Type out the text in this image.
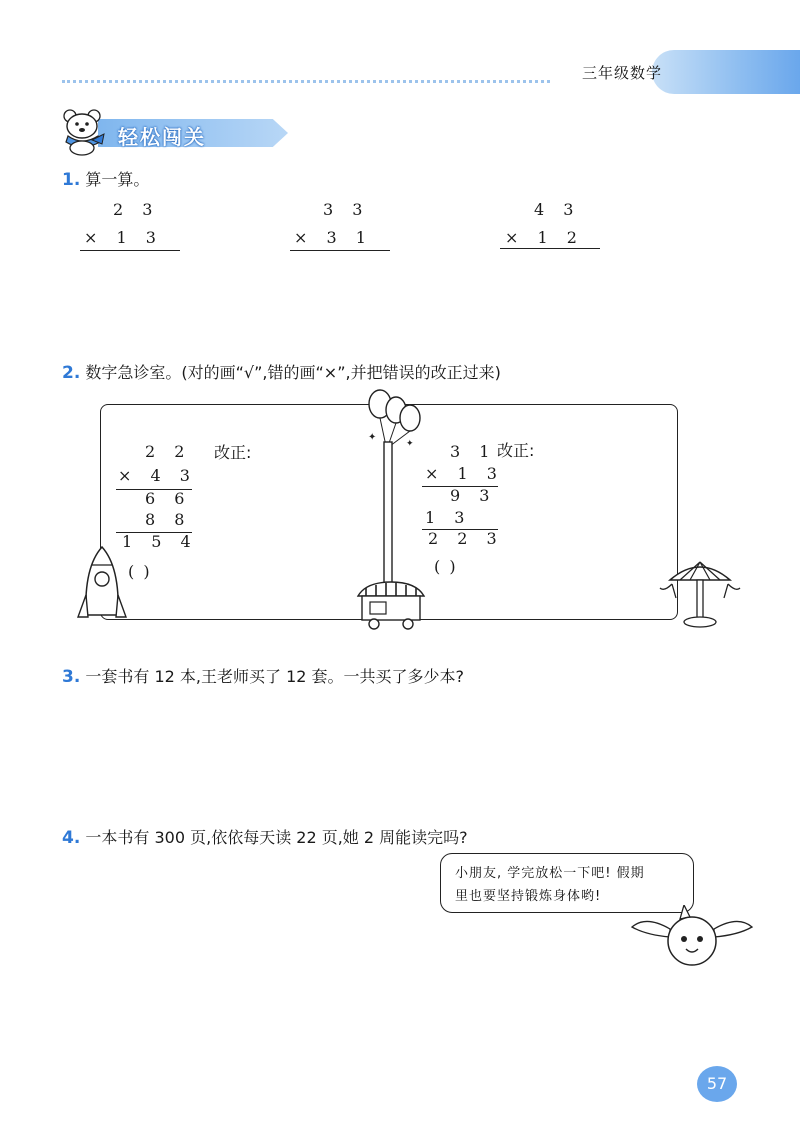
三年级数学
轻松闯关
1. 算一算。
2 3
× 1 3
3 3
× 3 1
4 3
× 1 2
2. 数字急诊室。(对的画“√”,错的画“×”,并把错误的改正过来)
✦
✦
2 2
× 4 3
6 6
8 8
1 5 4
( )
改正:	3 1
× 1 3
9 3
1 3
2 2 3
( )
改正:
3. 一套书有 12 本,王老师买了 12 套。一共买了多少本?
4. 一本书有 300 页,依依每天读 22 页,她 2 周能读完吗?
小朋友, 学完放松一下吧! 假期
里也要坚持锻炼身体哟!
57
